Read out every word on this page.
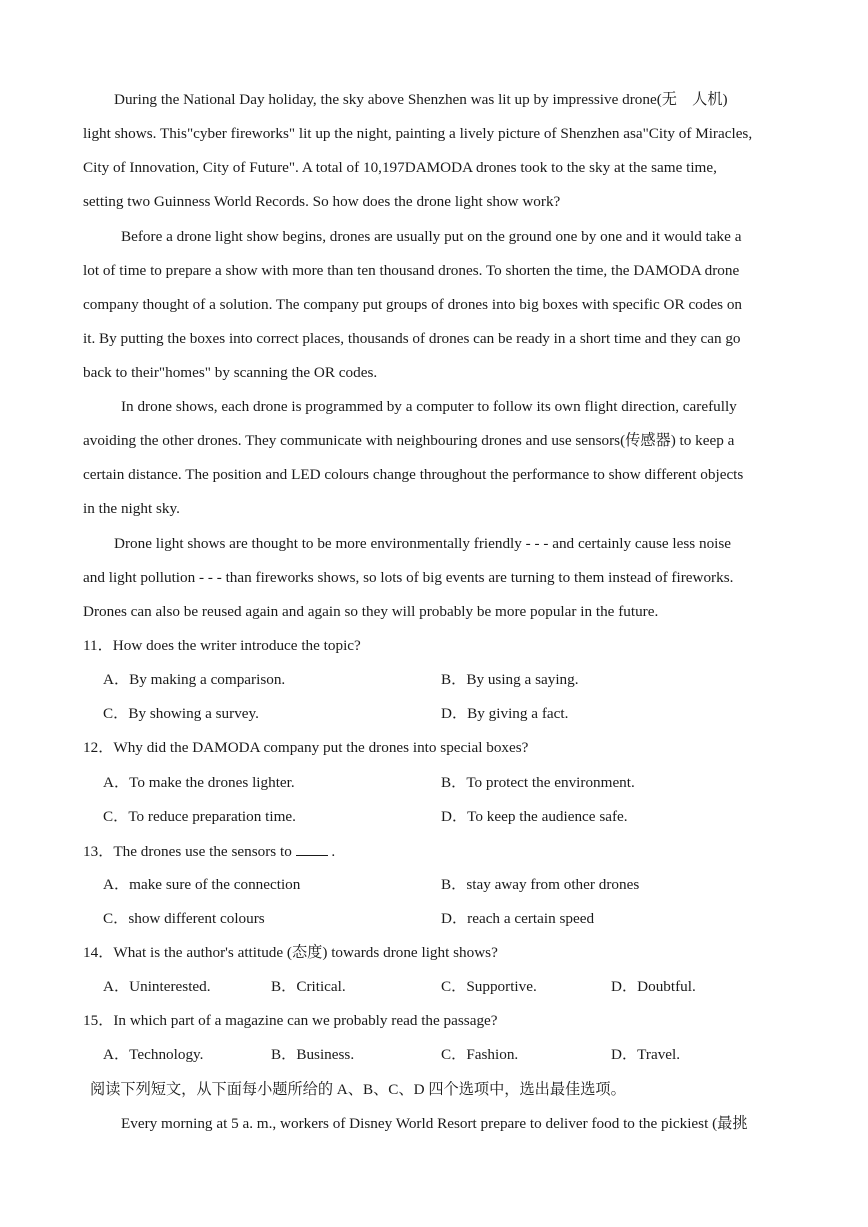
During the National Day holiday, the sky above Shenzhen was lit up by impressive drone(无　人机)
light shows. This"cyber fireworks" lit up the night, painting a lively picture of Shenzhen asa"City of Miracles,
City of Innovation, City of Future". A total of 10,197DAMODA drones took to the sky at the same time,
setting two Guinness World Records. So how does the drone light show work?
Before a drone light show begins, drones are usually put on the ground one by one and it would take a
lot of time to prepare a show with more than ten thousand drones. To shorten the time, the DAMODA drone
company thought of a solution. The company put groups of drones into big boxes with specific OR codes on
it. By putting the boxes into correct places, thousands of drones can be ready in a short time and they can go
back to their"homes" by scanning the OR codes.
In drone shows, each drone is programmed by a computer to follow its own flight direction, carefully
avoiding the other drones. They communicate with neighbouring drones and use sensors(传感器) to keep a
certain distance. The position and LED colours change throughout the performance to show different objects
in the night sky.
Drone light shows are thought to be more environmentally friendly - - - and certainly cause less noise
and light pollution - - - than fireworks shows, so lots of big events are turning to them instead of fireworks.
Drones can also be reused again and again so they will probably be more popular in the future.
11．How does the writer introduce the topic?
A．By making a comparison.	B．By using a saying.
C．By showing a survey.	D．By giving a fact.
12．Why did the DAMODA company put the drones into special boxes?
A．To make the drones lighter.	B．To protect the environment.
C．To reduce preparation time.	D．To keep the audience safe.
13．The drones use the sensors to	.
A．make sure of the connection	B．stay away from other drones
C．show different colours	D．reach a certain speed
14．What is the author's attitude (态度) towards drone light shows?
A．Uninterested.	B．Critical.	C．Supportive.	D．Doubtful.
15．In which part of a magazine can we probably read the passage?
A．Technology.	B．Business.	C．Fashion.	D．Travel.
阅读下列短文，从下面每小题所给的 A、B、C、D 四个选项中，选出最佳选项。
Every morning at 5 a. m., workers of Disney World Resort prepare to deliver food to the pickiest (最挑
